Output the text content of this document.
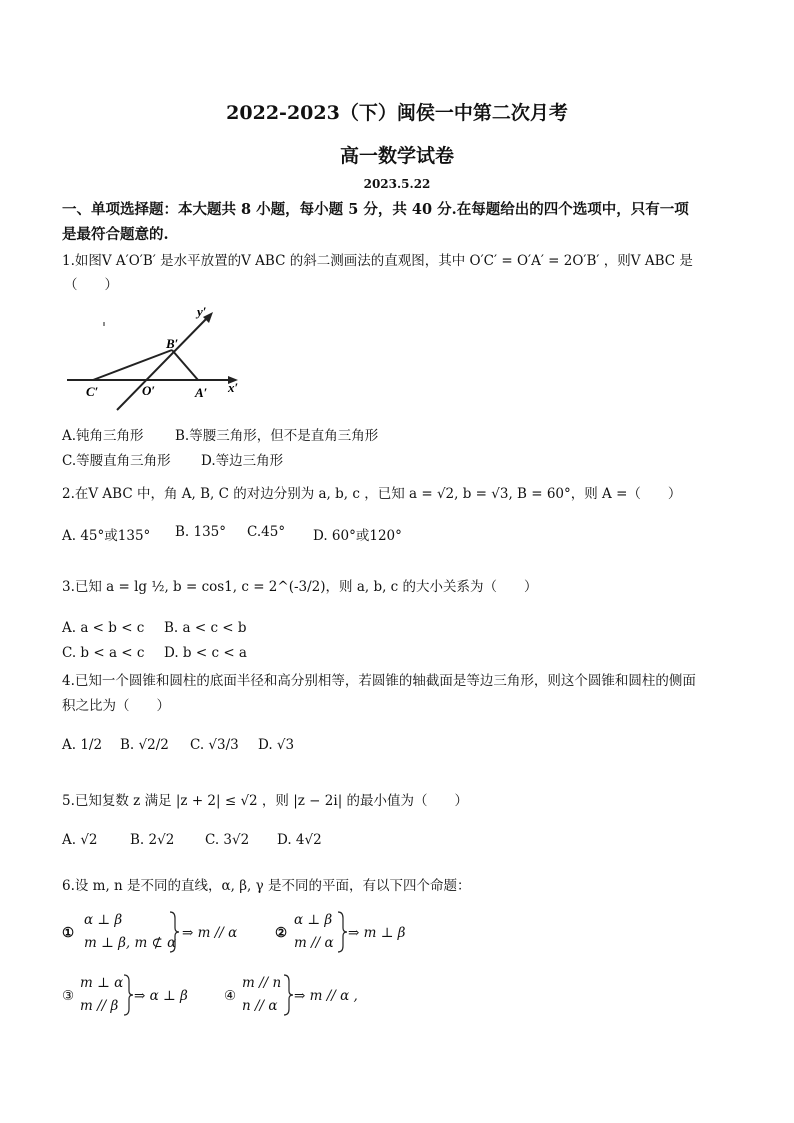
2022-2023（下）闽侯一中第二次月考
高一数学试卷
2023.5.22
一、单项选择题：本大题共 8 小题，每小题 5 分，共 40 分.在每题给出的四个选项中，只有一项
是最符合题意的.
1.如图V A′O′B′ 是水平放置的V ABC 的斜二测画法的直观图，其中 O′C′ = O′A′ = 2O′B′ ，则V ABC 是
（　　）
y′
B′
C′	O′	A′ x′
A.钝角三角形 B.等腰三角形，但不是直角三角形
C.等腰直角三角形 D.等边三角形
2.在V ABC 中，角 A, B, C 的对边分别为 a, b, c ，已知 a = √2, b = √3, B = 60°，则 A =（　　）
A. 45°或135° B. 135° C.45° D. 60°或120°
3.已知 a = lg ½, b = cos1, c = 2^(-3/2)，则 a, b, c 的大小关系为（　　）
A. a < b < c B. a < c < b
C. b < a < c D. b < c < a
4.已知一个圆锥和圆柱的底面半径和高分别相等，若圆锥的轴截面是等边三角形，则这个圆锥和圆柱的侧面
积之比为（　　）
A. 1/2 B. √2/2 C. √3/3 D. √3
5.已知复数 z 满足 |z + 2| ≤ √2 ，则 |z − 2i| 的最小值为（　　）
A. √2 B. 2√2 C. 3√2 D. 4√2
6.设 m, n 是不同的直线，α, β, γ 是不同的平面，有以下四个命题：
①
α ⊥ β
m ⊥ β, m ⊄ α
⇒ m // α	②
α ⊥ β
m // α
⇒ m ⊥ β
③
m ⊥ α
m // β
⇒ α ⊥ β	④
m // n
n // α
⇒ m // α ,
